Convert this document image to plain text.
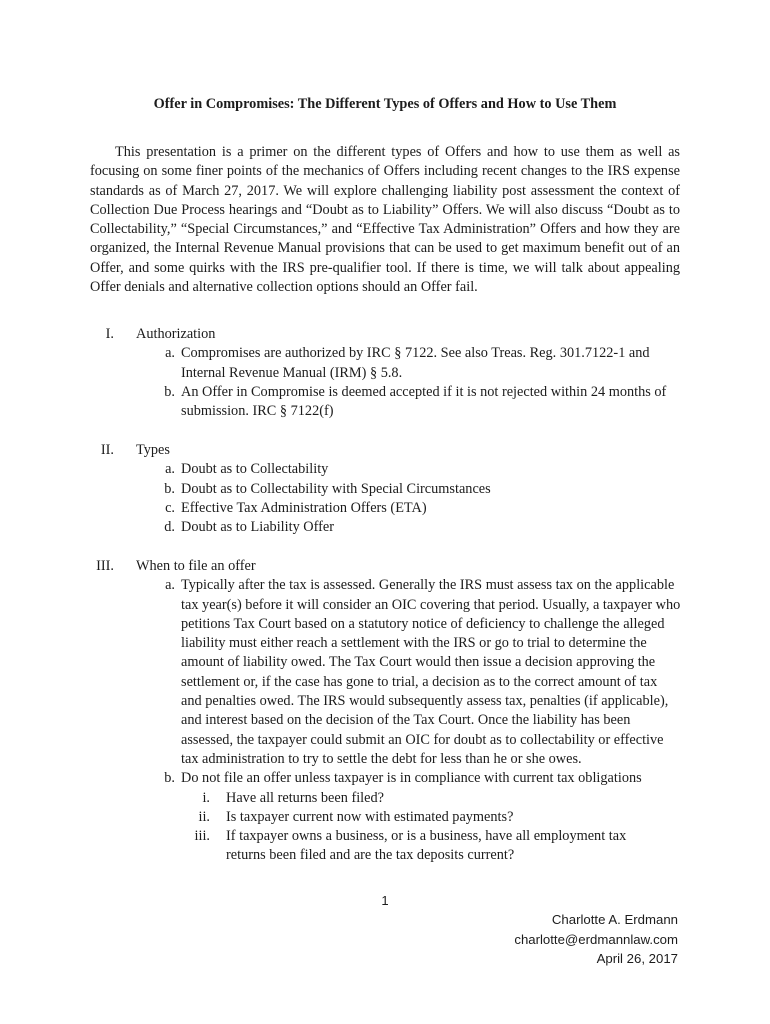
Offer in Compromises: The Different Types of Offers and How to Use Them

This presentation is a primer on the different types of Offers and how to use them as well as focusing on some finer points of the mechanics of Offers including recent changes to the IRS expense standards as of March 27, 2017. We will explore challenging liability post assessment the context of Collection Due Process hearings and “Doubt as to Liability” Offers. We will also discuss “Doubt as to Collectability,” “Special Circumstances,” and “Effective Tax Administration” Offers and how they are organized, the Internal Revenue Manual provisions that can be used to get maximum benefit out of an Offer, and some quirks with the IRS pre-qualifier tool. If there is time, we will talk about appealing Offer denials and alternative collection options should an Offer fail.

I. Authorization
a. Compromises are authorized by IRC § 7122. See also Treas. Reg. 301.7122-1 and Internal Revenue Manual (IRM) § 5.8.
b. An Offer in Compromise is deemed accepted if it is not rejected within 24 months of submission. IRC § 7122(f)
II. Types
a. Doubt as to Collectability
b. Doubt as to Collectability with Special Circumstances
c. Effective Tax Administration Offers (ETA)
d. Doubt as to Liability Offer
III. When to file an offer
a. Typically after the tax is assessed. Generally the IRS must assess tax on the applicable tax year(s) before it will consider an OIC covering that period. Usually, a taxpayer who petitions Tax Court based on a statutory notice of deficiency to challenge the alleged liability must either reach a settlement with the IRS or go to trial to determine the amount of liability owed. The Tax Court would then issue a decision approving the settlement or, if the case has gone to trial, a decision as to the correct amount of tax and penalties owed. The IRS would subsequently assess tax, penalties (if applicable), and interest based on the decision of the Tax Court. Once the liability has been assessed, the taxpayer could submit an OIC for doubt as to collectability or effective tax administration to try to settle the debt for less than he or she owes.
b. Do not file an offer unless taxpayer is in compliance with current tax obligations
i. Have all returns been filed?
ii. Is taxpayer current now with estimated payments?
iii. If taxpayer owns a business, or is a business, have all employment tax returns been filed and are the tax deposits current?
1
Charlotte A. Erdmann
charlotte@erdmannlaw.com
April 26, 2017
